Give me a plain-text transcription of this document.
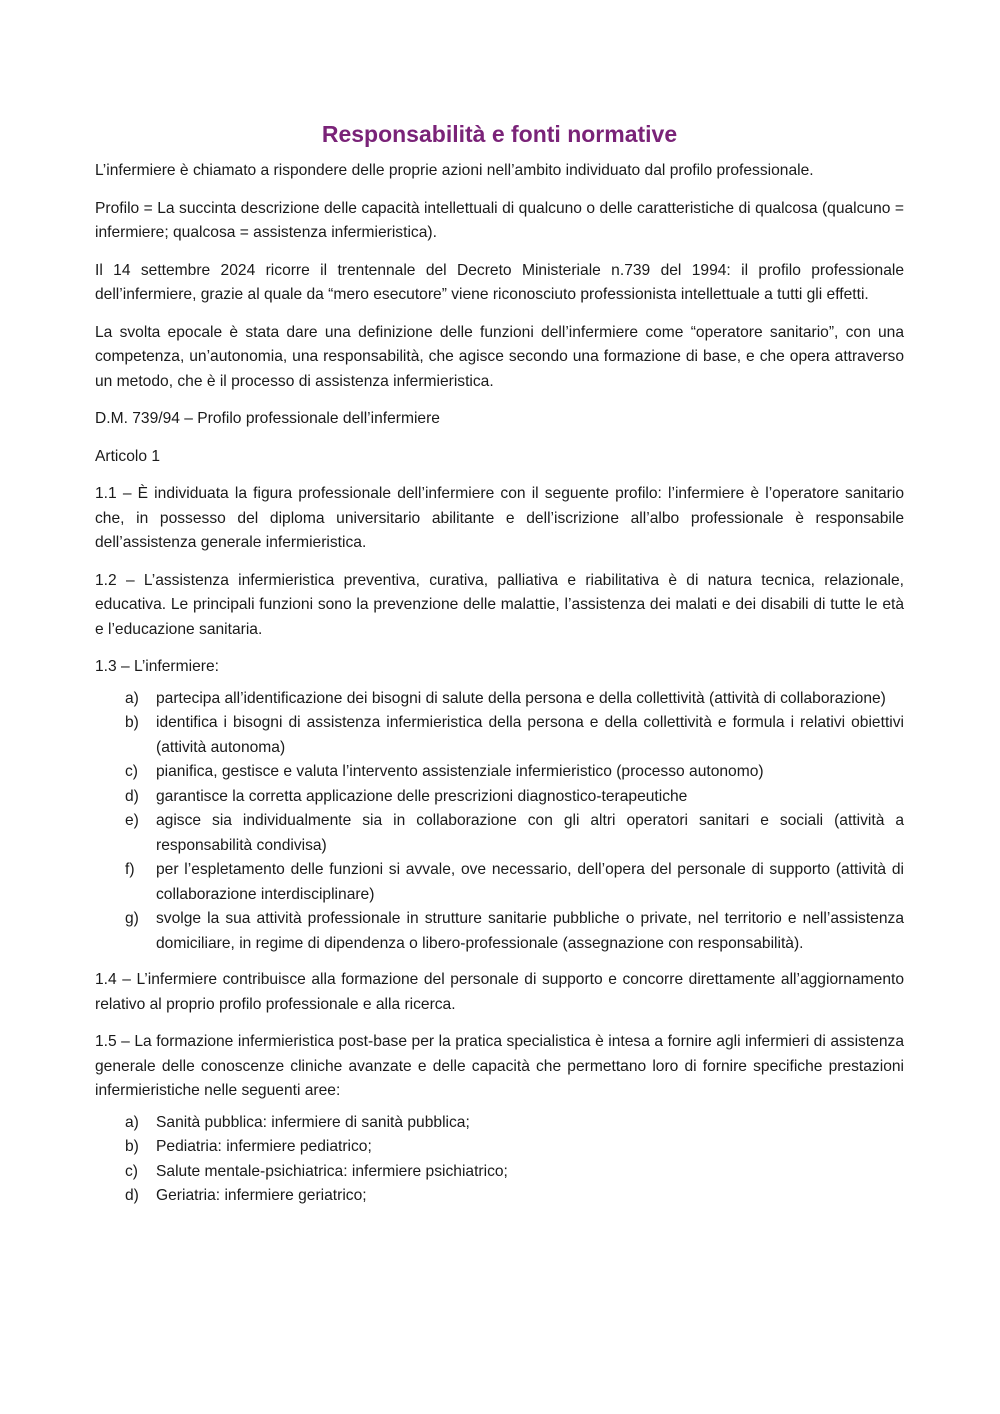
Responsabilità e fonti normative

L’infermiere è chiamato a rispondere delle proprie azioni nell’ambito individuato dal profilo professionale.

Profilo = La succinta descrizione delle capacità intellettuali di qualcuno o delle caratteristiche di qualcosa (qualcuno = infermiere; qualcosa = assistenza infermieristica).

Il 14 settembre 2024 ricorre il trentennale del Decreto Ministeriale n.739 del 1994: il profilo professionale dell’infermiere, grazie al quale da “mero esecutore” viene riconosciuto professionista intellettuale a tutti gli effetti.

La svolta epocale è stata dare una definizione delle funzioni dell’infermiere come “operatore sanitario”, con una competenza, un’autonomia, una responsabilità, che agisce secondo una formazione di base, e che opera attraverso un metodo, che è il processo di assistenza infermieristica.

D.M. 739/94 – Profilo professionale dell’infermiere

Articolo 1

1.1 – È individuata la figura professionale dell’infermiere con il seguente profilo: l’infermiere è l’operatore sanitario che, in possesso del diploma universitario abilitante e dell’iscrizione all’albo professionale è responsabile dell’assistenza generale infermieristica.

1.2 – L’assistenza infermieristica preventiva, curativa, palliativa e riabilitativa è di natura tecnica, relazionale, educativa. Le principali funzioni sono la prevenzione delle malattie, l’assistenza dei malati e dei disabili di tutte le età e l’educazione sanitaria.

1.3 – L’infermiere:

a) partecipa all’identificazione dei bisogni di salute della persona e della collettività (attività di collaborazione)
b) identifica i bisogni di assistenza infermieristica della persona e della collettività e formula i relativi obiettivi (attività autonoma)
c) pianifica, gestisce e valuta l’intervento assistenziale infermieristico (processo autonomo)
d) garantisce la corretta applicazione delle prescrizioni diagnostico-terapeutiche
e) agisce sia individualmente sia in collaborazione con gli altri operatori sanitari e sociali (attività a responsabilità condivisa)
f) per l’espletamento delle funzioni si avvale, ove necessario, dell’opera del personale di supporto (attività di collaborazione interdisciplinare)
g) svolge la sua attività professionale in strutture sanitarie pubbliche o private, nel territorio e nell’assistenza domiciliare, in regime di dipendenza o libero-professionale (assegnazione con responsabilità).

1.4 – L’infermiere contribuisce alla formazione del personale di supporto e concorre direttamente all’aggiornamento relativo al proprio profilo professionale e alla ricerca.

1.5 – La formazione infermieristica post-base per la pratica specialistica è intesa a fornire agli infermieri di assistenza generale delle conoscenze cliniche avanzate e delle capacità che permettano loro di fornire specifiche prestazioni infermieristiche nelle seguenti aree:

a) Sanità pubblica: infermiere di sanità pubblica;
b) Pediatria: infermiere pediatrico;
c) Salute mentale-psichiatrica: infermiere psichiatrico;
d) Geriatria: infermiere geriatrico;
